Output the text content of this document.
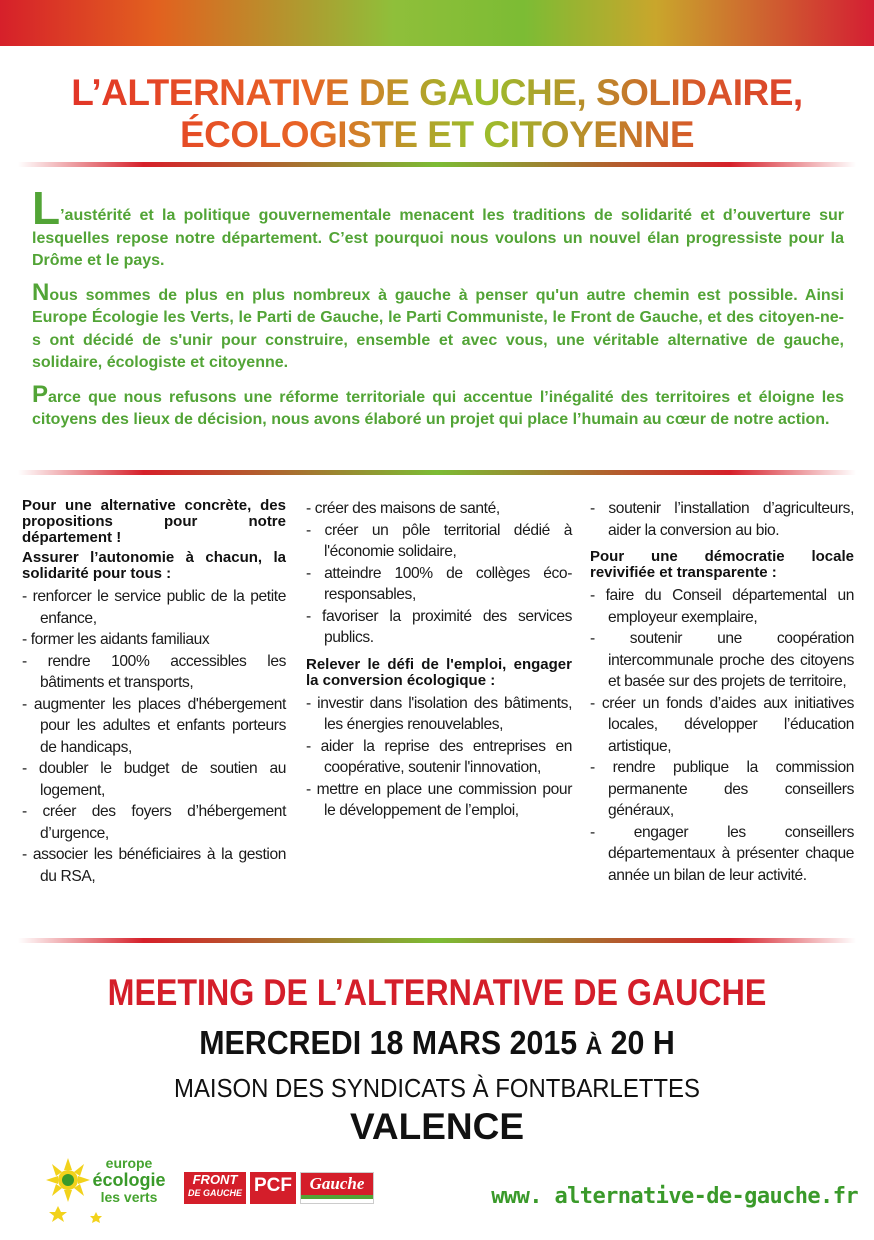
L’ALTERNATIVE DE GAUCHE, SOLIDAIRE,
ÉCOLOGISTE ET CITOYENNE

L’austérité et la politique gouvernementale menacent les traditions de solidarité et d’ouverture sur lesquelles repose notre département. C’est pourquoi nous voulons un nouvel élan progressiste pour la Drôme et le pays.

Nous sommes de plus en plus nombreux à gauche à penser qu'un autre chemin est possible. Ainsi Europe Écologie les Verts, le Parti de Gauche, le Parti Communiste, le Front de Gauche, et des citoyen-ne-s ont décidé de s'unir pour construire, ensemble et avec vous, une véritable alternative de gauche, solidaire, écologiste et citoyenne.

Parce que nous refusons une réforme territoriale qui accentue l’inégalité des territoires et éloigne les citoyens des lieux de décision, nous avons élaboré un projet qui place l’humain au cœur de notre action.

Pour une alternative concrète, des propositions pour notre département !
Assurer l’autonomie à chacun, la solidarité pour tous :
- renforcer le service public de la petite enfance,
- former les aidants familiaux
- rendre 100% accessibles les bâtiments et transports,
- augmenter les places d'hébergement pour les adultes et enfants porteurs de handicaps,
- doubler le budget de soutien au logement,
- créer des foyers d’hébergement d’urgence,
- associer les bénéficiaires à la gestion du RSA,
- créer des maisons de santé,
- créer un pôle territorial dédié à l'économie solidaire,
- atteindre 100% de collèges éco-responsables,
- favoriser la proximité des services publics.
Relever le défi de l'emploi, engager la conversion écologique :
- investir dans l'isolation des bâtiments, les énergies renouvelables,
- aider la reprise des entreprises en coopérative, soutenir l'innovation,
- mettre en place une commission pour le développement de l’emploi,
- soutenir l’installation d’agriculteurs, aider la conversion au bio.
Pour une démocratie locale revivifiée et transparente :
- faire du Conseil départemental un employeur exemplaire,
- soutenir une coopération intercommunale proche des citoyens et basée sur des projets de territoire,
- créer un fonds d’aides aux initiatives locales, développer l’éducation artistique,
- rendre publique la commission permanente des conseillers généraux,
- engager les conseillers départementaux à présenter chaque année un bilan de leur activité.
MEETING DE L’ALTERNATIVE DE GAUCHE
MERCREDI 18 MARS 2015 À 20 H
MAISON DES SYNDICATS À FONTBARLETTES
VALENCE
europe
écologie
les verts
FRONT
DE GAUCHE PCF	Gauche
www. alternative-de-gauche.fr
